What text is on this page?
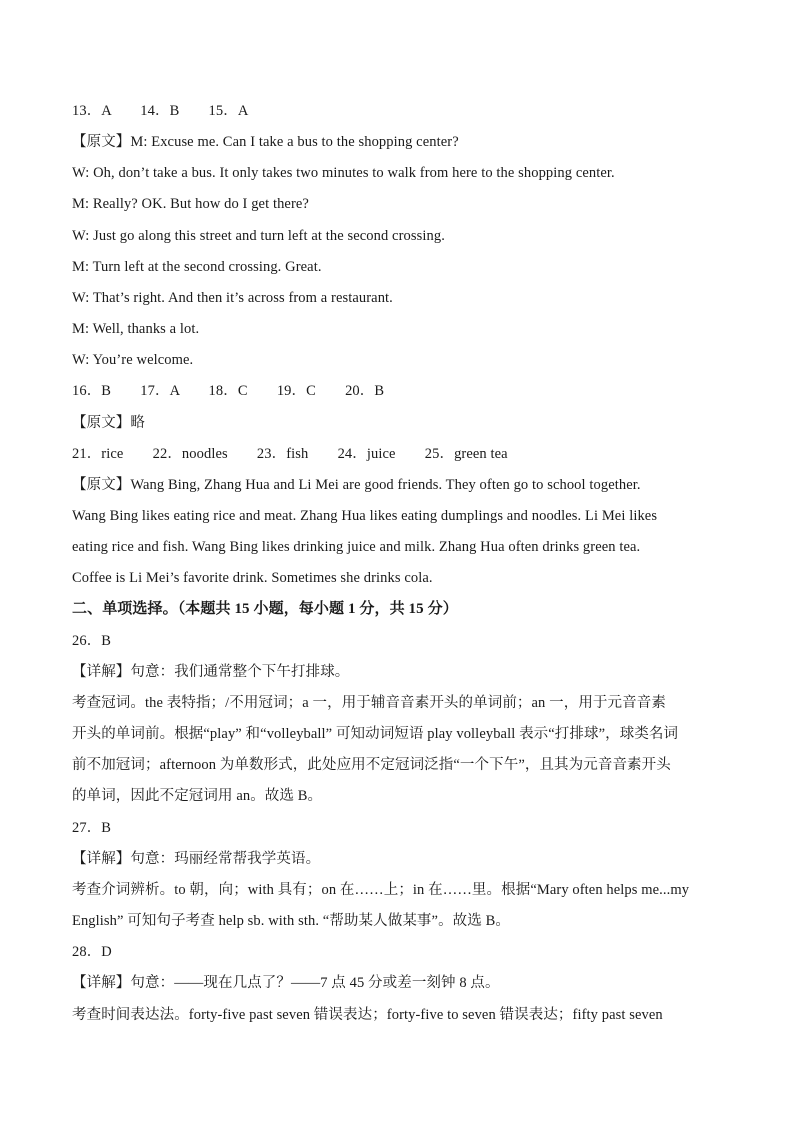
13．A　　14．B　　15．A
【原文】M: Excuse me. Can I take a bus to the shopping center?
W: Oh, don’t take a bus. It only takes two minutes to walk from here to the shopping center.
M: Really? OK. But how do I get there?
W: Just go along this street and turn left at the second crossing.
M: Turn left at the second crossing. Great.
W: That’s right. And then it’s across from a restaurant.
M: Well, thanks a lot.
W: You’re welcome.
16．B　　17．A　　18．C　　19．C　　20．B
【原文】略
21．rice　　22．noodles　　23．fish　　24．juice　　25．green tea
【原文】Wang Bing, Zhang Hua and Li Mei are good friends. They often go to school together.
Wang Bing likes eating rice and meat. Zhang Hua likes eating dumplings and noodles. Li Mei likes
eating rice and fish. Wang Bing likes drinking juice and milk. Zhang Hua often drinks green tea.
Coffee is Li Mei’s favorite drink. Sometimes she drinks cola.
二、单项选择。（本题共 15 小题，每小题 1 分，共 15 分）
26．B
【详解】句意：我们通常整个下午打排球。
考查冠词。the 表特指；/不用冠词；a 一，用于辅音音素开头的单词前；an 一，用于元音音素
开头的单词前。根据“play” 和“volleyball” 可知动词短语 play volleyball 表示“打排球”，球类名词
前不加冠词；afternoon 为单数形式，此处应用不定冠词泛指“一个下午”，且其为元音音素开头
的单词，因此不定冠词用 an。故选 B。
27．B
【详解】句意：玛丽经常帮我学英语。
考查介词辨析。to 朝，向；with 具有；on 在……上；in 在……里。根据“Mary often helps me...my
English” 可知句子考查 help sb. with sth. “帮助某人做某事”。故选 B。
28．D
【详解】句意：——现在几点了？——7 点 45 分或差一刻钟 8 点。
考查时间表达法。forty-five past seven 错误表达；forty-five to seven 错误表达；fifty past seven
